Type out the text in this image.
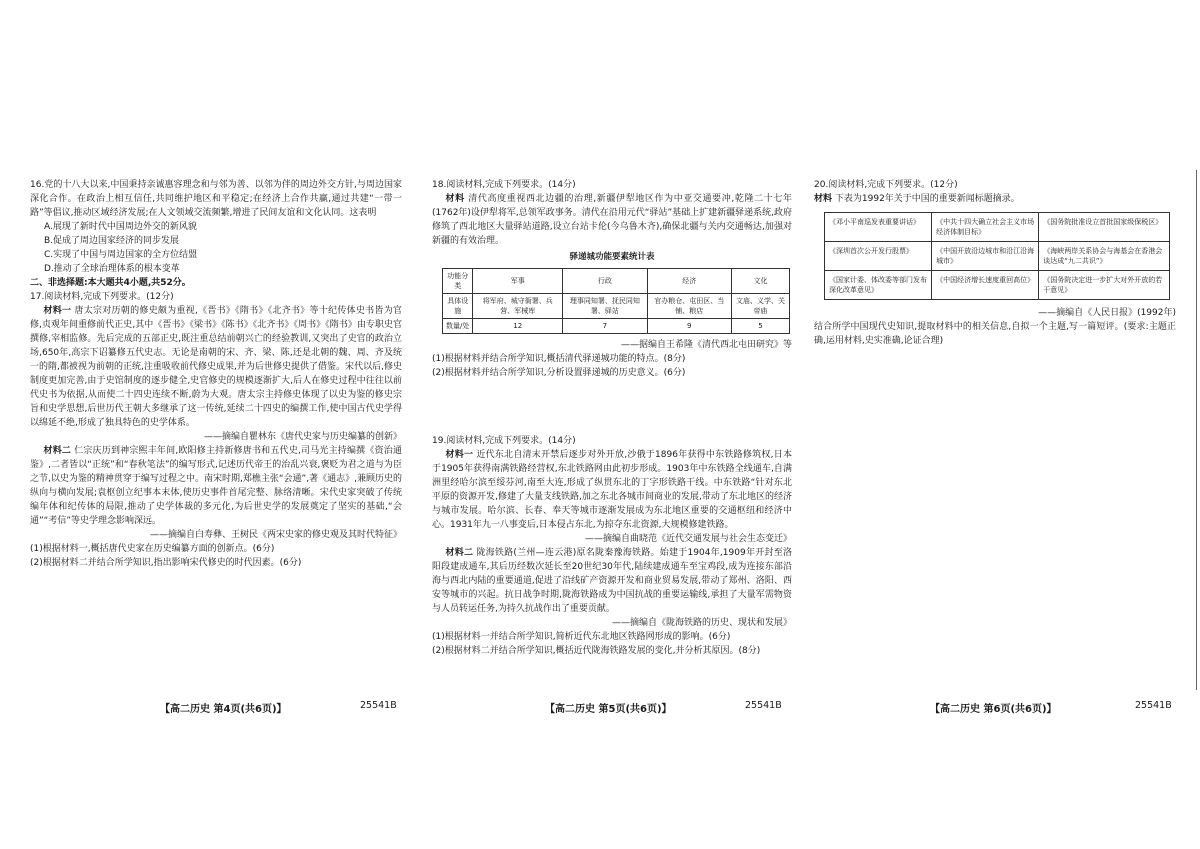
16.党的十八大以来,中国秉持亲诚惠容理念和与邻为善、以邻为伴的周边外交方针,与周边国家深化合作。在政治上相互信任,共同维护地区和平稳定;在经济上合作共赢,通过共建“一带一路”等倡议,推动区域经济发展;在人文领域交流频繁,增进了民间友谊和文化认同。这表明

A.展现了新时代中国周边外交的新风貌

B.促成了周边国家经济的同步发展

C.实现了中国与周边国家的全方位结盟

D.推动了全球治理体系的根本变革

二、非选择题:本大题共4小题,共52分。

17.阅读材料,完成下列要求。(12分)

材料一 唐太宗对历朝的修史颇为重视,《晋书》《隋书》《北齐书》等十纪传体史书皆为官修,贞观年间重修前代正史,其中《晋书》《梁书》《陈书》《北齐书》《周书》《隋书》由专职史官撰修,宰相监修。先后完成的五部正史,既注重总结前朝兴亡的经验教训,又突出了史官的政治立场,650年,高宗下诏纂修五代史志。无论是南朝的宋、齐、梁、陈,还是北朝的魏、周、齐及统一的隋,都被视为前朝的正统,注重吸收前代修史成果,并为后世修史提供了借鉴。宋代以后,修史制度更加完善,由于史馆制度的逐步健全,史官修史的规模逐渐扩大,后人在修史过程中往往以前代史书为依据,从而使二十四史连续不断,蔚为大观。唐太宗主持修史体现了以史为鉴的修史宗旨和史学思想,后世历代王朝大多继承了这一传统,延续二十四史的编撰工作,使中国古代史学得以绵延不绝,形成了独具特色的史学体系。

——摘编自瞿林东《唐代史家与历史编纂的创新》

材料二 仁宗庆历到神宗熙丰年间,欧阳修主持新修唐书和五代史,司马光主持编撰《资治通鉴》,二者皆以“正统”和“春秋笔法”的编写形式,记述历代帝王的治乱兴衰,褒贬为君之道与为臣之节,以史为鉴的精神贯穿于编写过程之中。南宋时期,郑樵主张“会通”,著《通志》,兼顾历史的纵向与横向发展;袁枢创立纪事本末体,使历史事件首尾完整、脉络清晰。宋代史家突破了传统编年体和纪传体的局限,推动了史学体裁的多元化,为后世史学的发展奠定了坚实的基础,“会通”“考信”等史学理念影响深远。

——摘编自白寿彝、王树民《两宋史家的修史观及其时代特征》

(1)根据材料一,概括唐代史家在历史编纂方面的创新点。(6分)

(2)根据材料二并结合所学知识,指出影响宋代修史的时代因素。(6分)

【高二历史 第4页(共6页)】	25541B

18.阅读材料,完成下列要求。(14分)

材料 清代高度重视西北边疆的治理,新疆伊犁地区作为中亚交通要冲,乾隆二十七年(1762年)设伊犁将军,总领军政事务。清代在沿用元代“驿站”基础上扩建新疆驿递系统,政府修筑了西北地区大量驿站道路,设立台站卡伦(今乌鲁木齐),确保北疆与关内交通畅达,加强对新疆的有效治理。

驿递城功能要素统计表

功能分类	军事	行政	经济	文化
具体设施	将军府、城守衙署、兵营、军械库	理事同知署、抚民同知署、驿站	官办粮仓、屯田区、当铺、粮店	文庙、义学、关帝庙
数量/处	12	7	9	5

——据编自王希隆《清代西北屯田研究》等

(1)根据材料并结合所学知识,概括清代驿递城功能的特点。(8分)

(2)根据材料并结合所学知识,分析设置驿递城的历史意义。(6分)

19.阅读材料,完成下列要求。(14分)

材料一 近代东北自清末开禁后逐步对外开放,沙俄于1896年获得中东铁路修筑权,日本于1905年获得南满铁路经营权,东北铁路网由此初步形成。1903年中东铁路全线通车,自满洲里经哈尔滨至绥芬河,南至大连,形成了纵贯东北的丁字形铁路干线。中东铁路“针对东北平原的资源开发,修建了大量支线铁路,加之东北各城市间商业的发展,带动了东北地区的经济与城市发展。哈尔滨、长春、奉天等城市逐渐发展成为东北地区重要的交通枢纽和经济中心。1931年九一八事变后,日本侵占东北,为掠夺东北资源,大规模修建铁路。

——摘编自曲晓范《近代交通发展与社会生态变迁》

材料二 陇海铁路(兰州—连云港)原名陇秦豫海铁路。始建于1904年,1909年开封至洛阳段建成通车,其后历经数次延长至20世纪30年代,陆续建成通车至宝鸡段,成为连接东部沿海与西北内陆的重要通道,促进了沿线矿产资源开发和商业贸易发展,带动了郑州、洛阳、西安等城市的兴起。抗日战争时期,陇海铁路成为中国抗战的重要运输线,承担了大量军需物资与人员转运任务,为持久抗战作出了重要贡献。

——摘编自《陇海铁路的历史、现状和发展》

(1)根据材料一并结合所学知识,简析近代东北地区铁路网形成的影响。(6分)

(2)根据材料二并结合所学知识,概括近代陇海铁路发展的变化,并分析其原因。(8分)

【高二历史 第5页(共6页)】	25541B

20.阅读材料,完成下列要求。(12分)

材料 下表为1992年关于中国的重要新闻标题摘录。

《邓小平南巡发表重要讲话》	《中共十四大确立社会主义市场经济体制目标》	《国务院批准设立首批国家级保税区》
《深圳首次公开发行股票》	《中国开放沿边城市和沿江沿海城市》	《海峡两岸关系协会与海基会在香港会谈达成“九二共识”》
《国家计委、体改委等部门发布深化改革意见》	《中国经济增长速度重回高位》	《国务院决定进一步扩大对外开放的若干意见》

——摘编自《人民日报》(1992年)

结合所学中国现代史知识,提取材料中的相关信息,自拟一个主题,写一篇短评。(要求:主题正确,运用材料,史实准确,论证合理)

【高二历史 第6页(共6页)】	25541B
